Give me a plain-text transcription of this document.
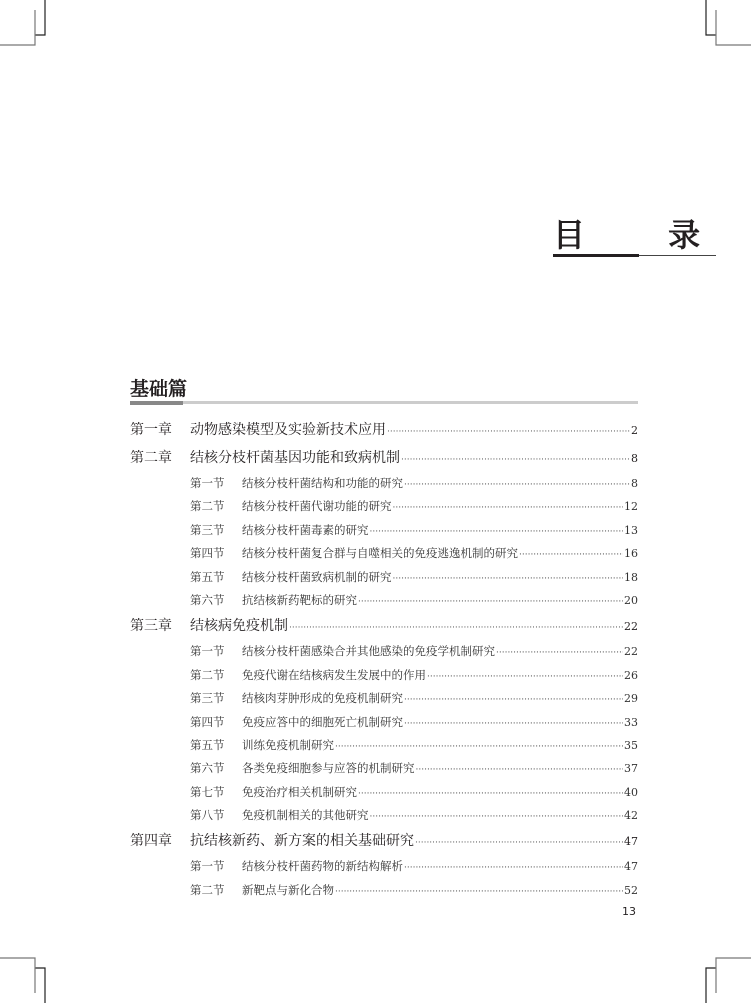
目 录
基础篇
第一章	动物感染模型及实验新技术应用 ·····	2
第二章	结核分枝杆菌基因功能和致病机制 ·····	8
第一节	结核分枝杆菌结构和功能的研究 ·····	8
第二节	结核分枝杆菌代谢功能的研究 ·····	12
第三节	结核分枝杆菌毒素的研究 ·····	13
第四节	结核分枝杆菌复合群与自噬相关的免疫逃逸机制的研究 ·····	16
第五节	结核分枝杆菌致病机制的研究 ·····	18
第六节	抗结核新药靶标的研究 ·····	20
第三章	结核病免疫机制 ·····	22
第一节	结核分枝杆菌感染合并其他感染的免疫学机制研究 ·····	22
第二节	免疫代谢在结核病发生发展中的作用 ·····	26
第三节	结核肉芽肿形成的免疫机制研究 ·····	29
第四节	免疫应答中的细胞死亡机制研究 ·····	33
第五节	训练免疫机制研究 ·····	35
第六节	各类免疫细胞参与应答的机制研究 ·····	37
第七节	免疫治疗相关机制研究 ·····	40
第八节	免疫机制相关的其他研究 ·····	42
第四章	抗结核新药、新方案的相关基础研究 ·····	47
第一节	结核分枝杆菌药物的新结构解析 ·····	47
第二节	新靶点与新化合物 ·····	52
13
